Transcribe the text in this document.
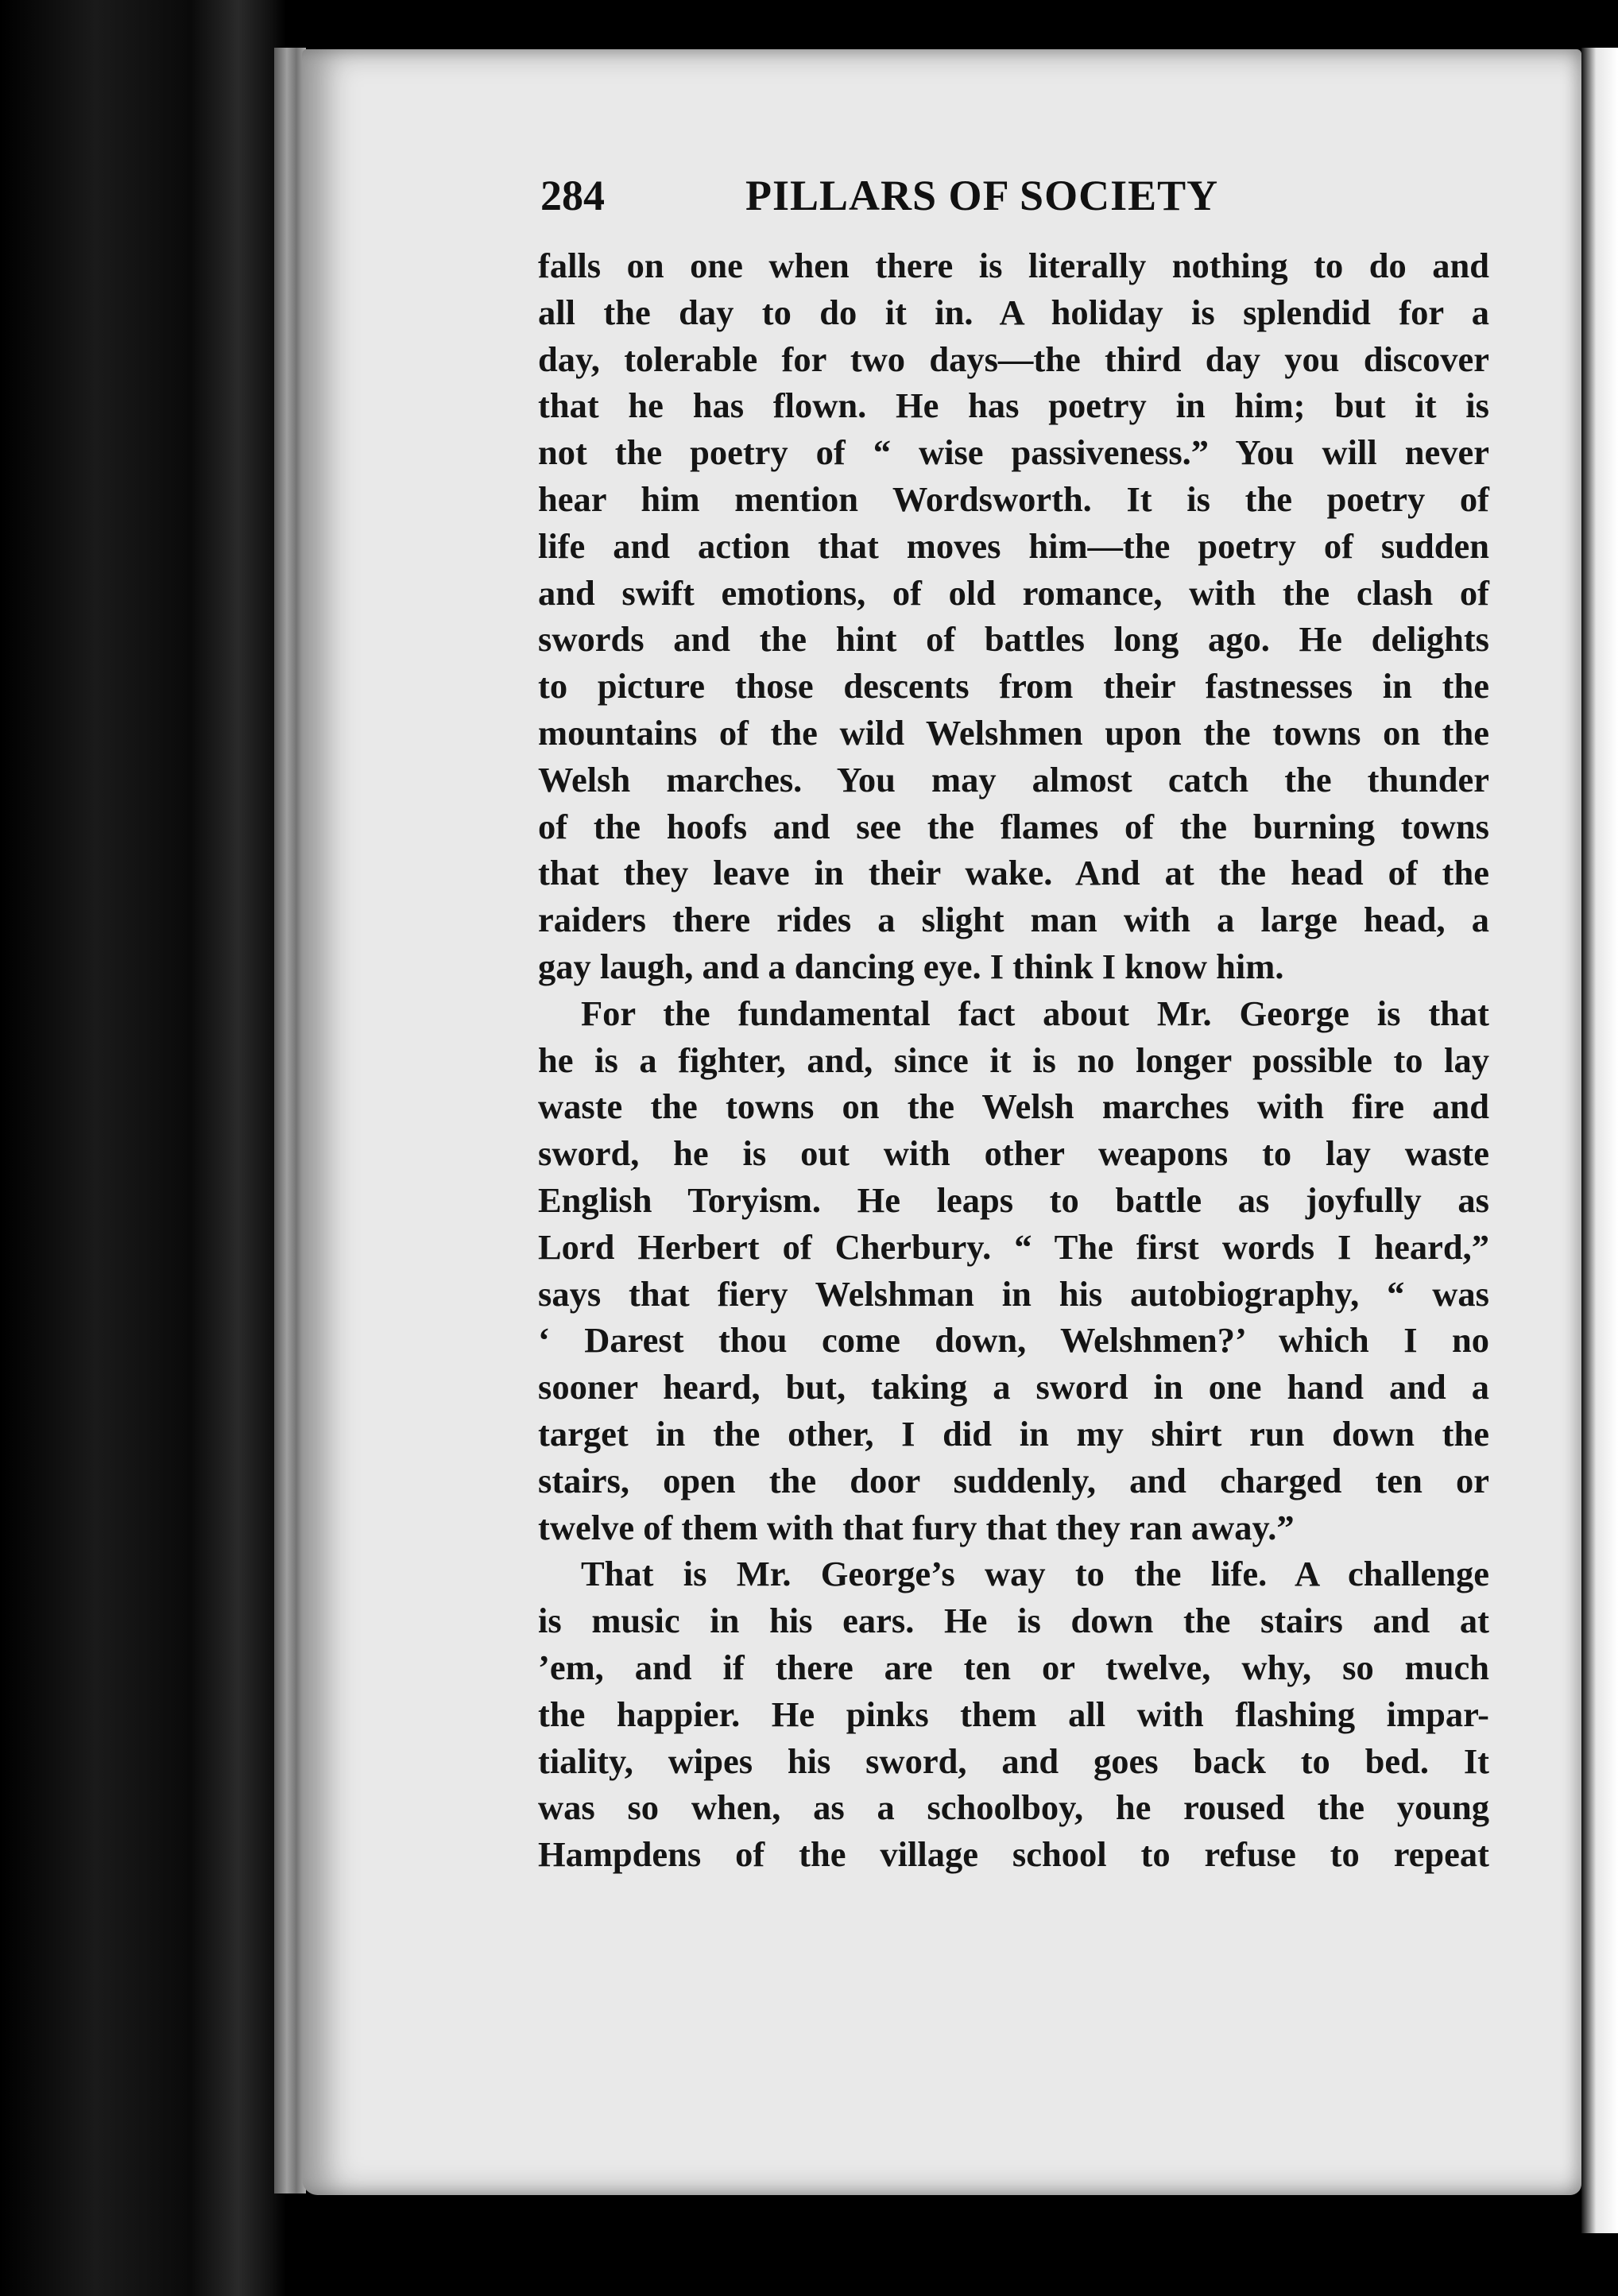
284	PILLARS OF SOCIETY

falls on one when there is literally nothing to do and

all the day to do it in. A holiday is splendid for a

day, tolerable for two days—the third day you discover

that he has flown. He has poetry in him; but it is

not the poetry of “ wise passiveness.” You will never

hear him mention Wordsworth. It is the poetry of

life and action that moves him—the poetry of sudden

and swift emotions, of old romance, with the clash of

swords and the hint of battles long ago. He delights

to picture those descents from their fastnesses in the

mountains of the wild Welshmen upon the towns on the

Welsh marches. You may almost catch the thunder

of the hoofs and see the flames of the burning towns

that they leave in their wake. And at the head of the

raiders there rides a slight man with a large head, a

gay laugh, and a dancing eye. I think I know him.

For the fundamental fact about Mr. George is that

he is a fighter, and, since it is no longer possible to lay

waste the towns on the Welsh marches with fire and

sword, he is out with other weapons to lay waste

English Toryism. He leaps to battle as joyfully as

Lord Herbert of Cherbury. “ The first words I heard,”

says that fiery Welshman in his autobiography, “ was

‘ Darest thou come down, Welshmen?’ which I no

sooner heard, but, taking a sword in one hand and a

target in the other, I did in my shirt run down the

stairs, open the door suddenly, and charged ten or

twelve of them with that fury that they ran away.”

That is Mr. George’s way to the life. A challenge

is music in his ears. He is down the stairs and at

’em, and if there are ten or twelve, why, so much

the happier. He pinks them all with flashing impar-

tiality, wipes his sword, and goes back to bed. It

was so when, as a schoolboy, he roused the young

Hampdens of the village school to refuse to repeat
